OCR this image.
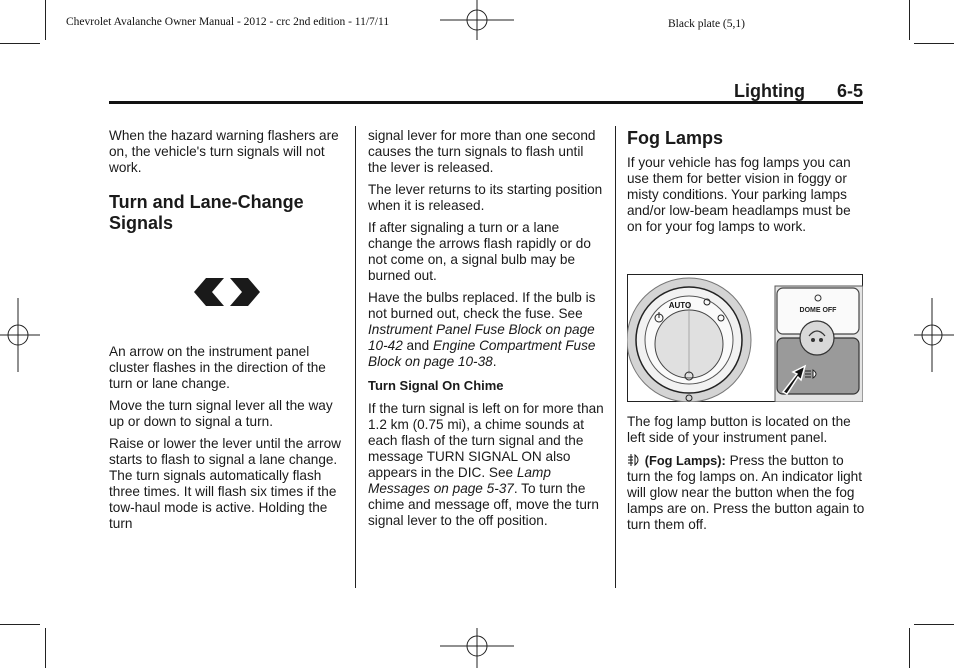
Chevrolet Avalanche Owner Manual - 2012 - crc 2nd edition - 11/7/11	Black plate (5,1)
Lighting 6-5

When the hazard warning flashers are on, the vehicle's turn signals will not work.

Turn and Lane-Change Signals

An arrow on the instrument panel cluster flashes in the direction of the turn or lane change.

Move the turn signal lever all the way up or down to signal a turn.

Raise or lower the lever until the arrow starts to flash to signal a lane change. The turn signals automatically flash three times. It will flash six times if the tow-haul mode is active. Holding the turn

signal lever for more than one second causes the turn signals to flash until the lever is released.

The lever returns to its starting position when it is released.

If after signaling a turn or a lane change the arrows flash rapidly or do not come on, a signal bulb may be burned out.

Have the bulbs replaced. If the bulb is not burned out, check the fuse. See Instrument Panel Fuse Block on page 10-42 and Engine Compartment Fuse Block on page 10-38.

Turn Signal On Chime

If the turn signal is left on for more than 1.2 km (0.75 mi), a chime sounds at each flash of the turn signal and the message TURN SIGNAL ON also appears in the DIC. See Lamp Messages on page 5-37. To turn the chime and message off, move the turn signal lever to the off position.

Fog Lamps

If your vehicle has fog lamps you can use them for better vision in foggy or misty conditions. Your parking lamps and/or low-beam headlamps must be on for your fog lamps to work.

DOME OFF
AUTO

The fog lamp button is located on the left side of your instrument panel.

(Fog Lamps): Press the button to turn the fog lamps on. An indicator light will glow near the button when the fog lamps are on. Press the button again to turn them off.
